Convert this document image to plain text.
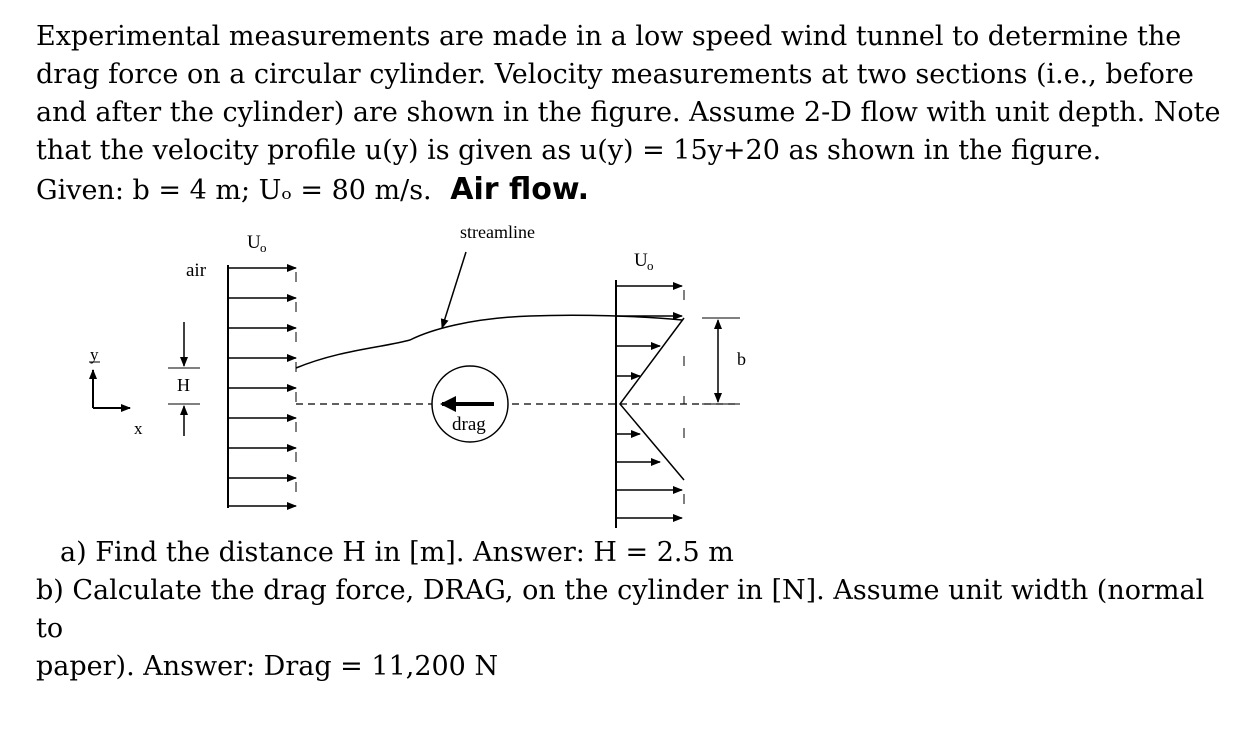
Experimental measurements are made in a low speed wind tunnel to determine the

drag force on a circular cylinder. Velocity measurements at two sections (i.e., before

and after the cylinder) are shown in the figure. Assume 2-D flow with unit depth. Note

that the velocity profile u(y) is given as u(y) = 15y+20 as shown in the figure.

Given: b = 4 m; Uₒ = 80 m/s. Air flow.
y
x
U o
air
H
streamline
drag
U o
b

a) Find the distance H in [m]. Answer: H = 2.5 m

b) Calculate the drag force, DRAG, on the cylinder in [N]. Assume unit width (normal to

paper). Answer: Drag = 11,200 N
